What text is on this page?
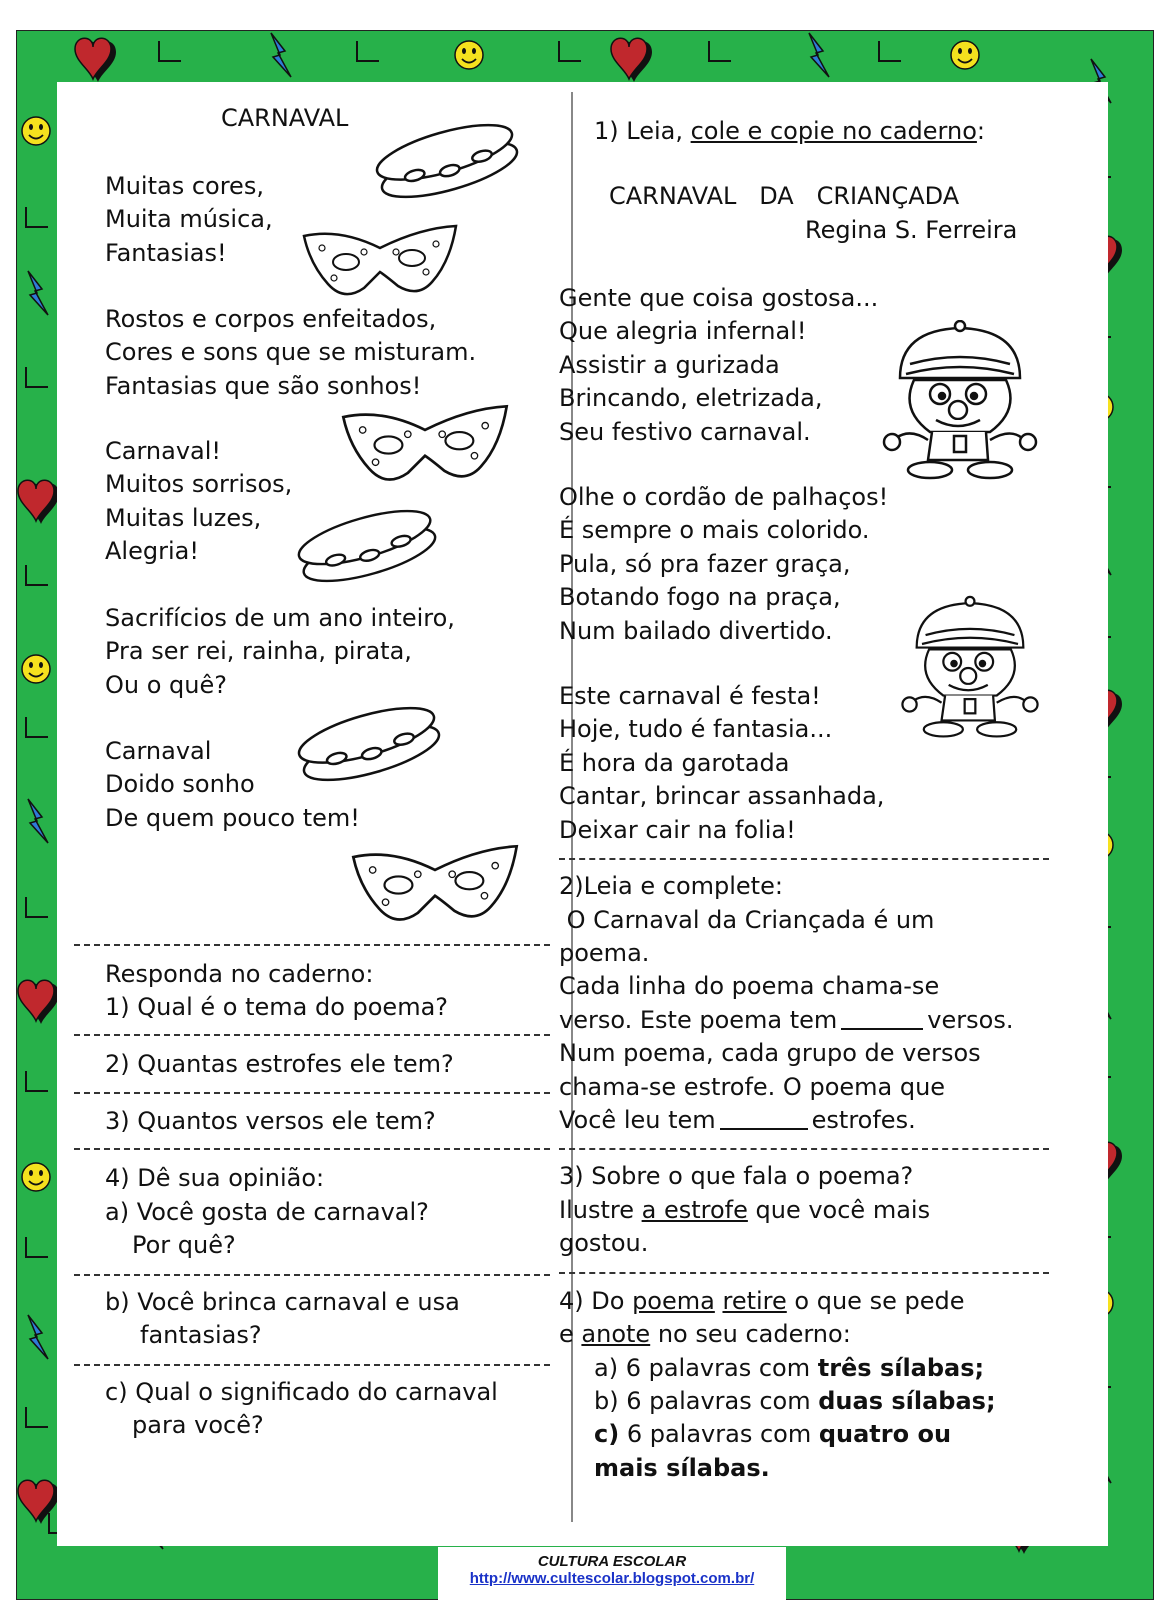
CARNAVAL
Muitas cores,
Muita música,
Fantasias!
Rostos e corpos enfeitados,
Cores e sons que se misturam.
Fantasias que são sonhos!
Carnaval!
Muitos sorrisos,
Muitas luzes,
Alegria!
Sacrifícios de um ano inteiro,
Pra ser rei, rainha, pirata,
Ou o quê?
Carnaval
Doido sonho
De quem pouco tem!
Responda no caderno:
1) Qual é o tema do poema?
2) Quantas estrofes ele tem?
3) Quantos versos ele tem?
4) Dê sua opinião:
a) Você gosta de carnaval?
Por quê?
b) Você brinca carnaval e usa
fantasias?
c) Qual o significado do carnaval
para você?
1) Leia, cole e copie no caderno:
CARNAVAL   DA   CRIANÇADA
Regina S. Ferreira
Gente que coisa gostosa...
Que alegria infernal!
Assistir a gurizada
Brincando, eletrizada,
Seu festivo carnaval.
Olhe o cordão de palhaços!
É sempre o mais colorido.
Pula, só pra fazer graça,
Botando fogo na praça,
Num bailado divertido.
Este carnaval é festa!
Hoje, tudo é fantasia...
É hora da garotada
Cantar, brincar assanhada,
Deixar cair na folia!
2)Leia e complete:
O Carnaval da Criançada é um
poema.
Cada linha do poema chama-se
verso. Este poema tem	versos.
Num poema, cada grupo de versos
chama-se estrofe. O poema que
Você leu tem	estrofes.
3) Sobre o que fala o poema?
Ilustre a estrofe que você mais
gostou.
4) Do poema retire o que se pede
e anote no seu caderno:
a) 6 palavras com três sílabas;
b) 6 palavras com duas sílabas;
c) 6 palavras com quatro ou
mais sílabas.
CULTURA ESCOLAR
http://www.cultescolar.blogspot.com.br/
